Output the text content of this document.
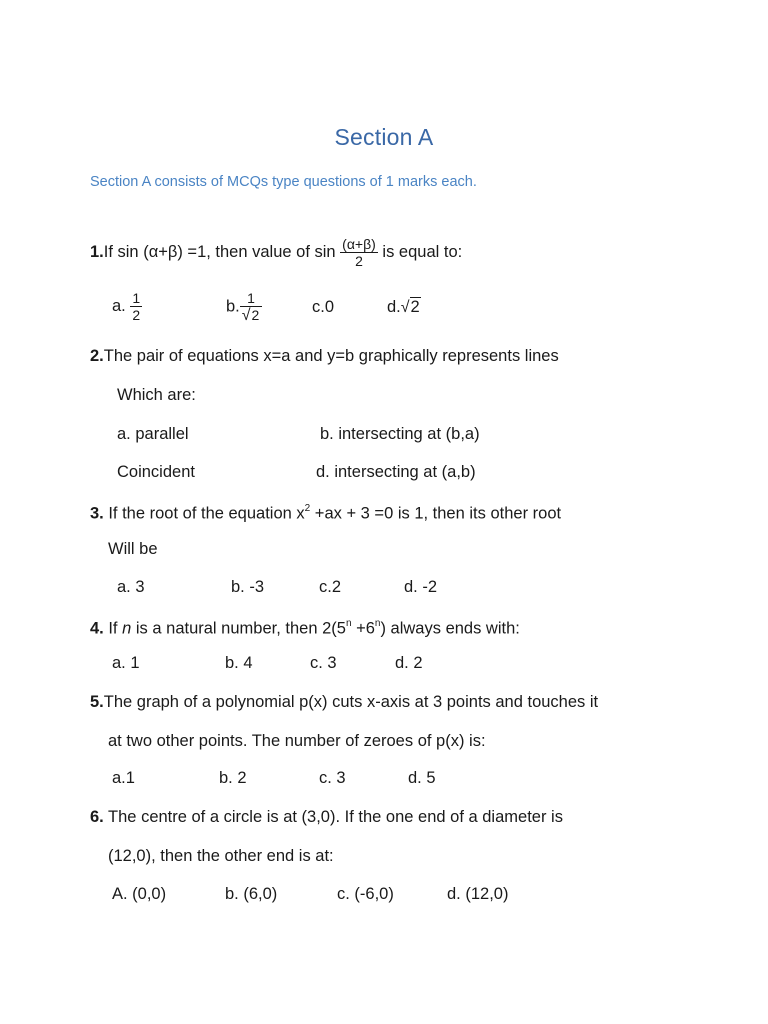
Section A
Section A consists of MCQs type questions of 1 marks each.
1.If sin (α+β) =1, then value of $\sin \frac{(\alpha+\beta)}{2}$ is equal to:
a. $\frac{1}{2}$	b. $\frac{1}{√2}$	c.0	d.√2
2.The pair of equations x=a and y=b graphically represents lines
Which are:
a. parallel	b. intersecting at (b,a)
Coincident	d. intersecting at (a,b)
3. If the root of the equation $x^2 +ax + 3 =0$ is 1, then its other root
Will be
a. 3	b. -3	c.2	d. -2
4. If n is a natural number, then $2(5^n +6^n)$ always ends with:
a. 1	b. 4	c. 3	d. 2
5.The graph of a polynomial p(x) cuts x-axis at 3 points and touches it
at two other points. The number of zeroes of p(x) is:
a.1	b. 2	c. 3	d. 5
6. The centre of a circle is at (3,0). If the one end of a diameter is
(12,0), then the other end is at:
A. (0,0)	b. (6,0)	c. (-6,0)	d. (12,0)
